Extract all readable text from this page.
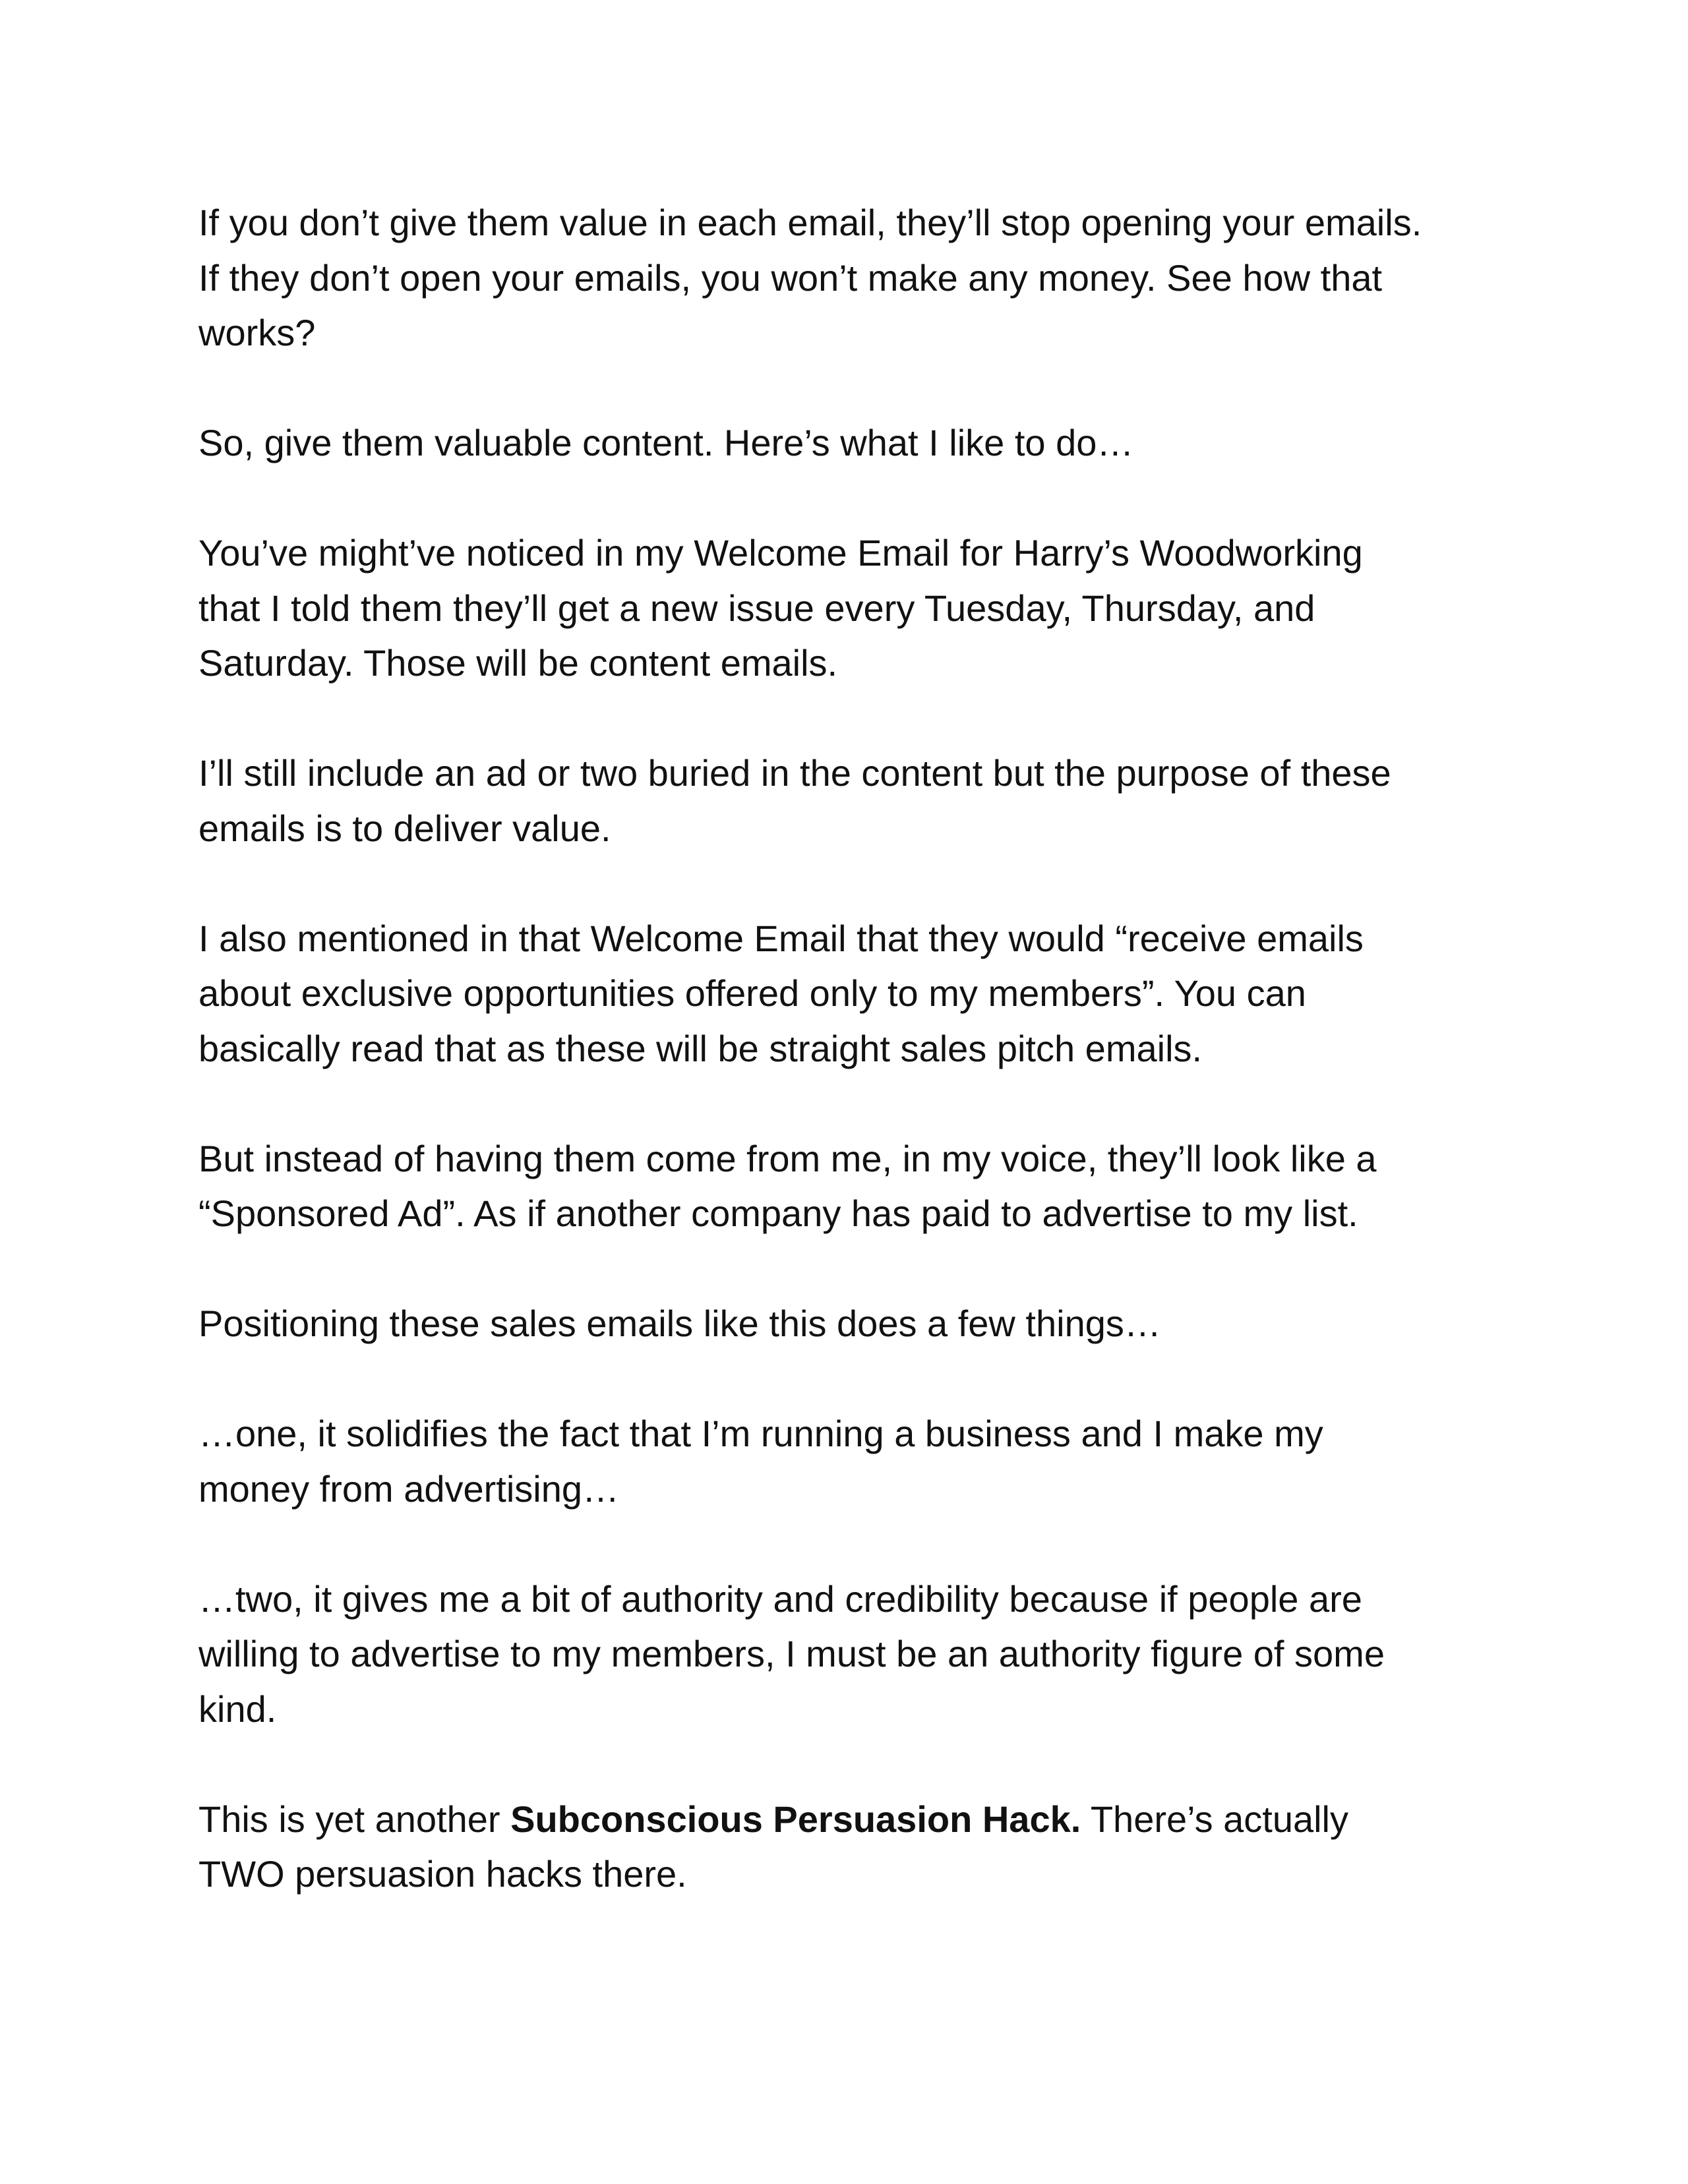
If you don’t give them value in each email, they’ll stop opening your emails.
If they don’t open your emails, you won’t make any money. See how that
works?

So, give them valuable content. Here’s what I like to do…

You’ve might’ve noticed in my Welcome Email for Harry’s Woodworking
that I told them they’ll get a new issue every Tuesday, Thursday, and
Saturday. Those will be content emails.

I’ll still include an ad or two buried in the content but the purpose of these
emails is to deliver value.

I also mentioned in that Welcome Email that they would “receive emails
about exclusive opportunities offered only to my members”. You can
basically read that as these will be straight sales pitch emails.

But instead of having them come from me, in my voice, they’ll look like a
“Sponsored Ad”. As if another company has paid to advertise to my list.

Positioning these sales emails like this does a few things…

…one, it solidifies the fact that I’m running a business and I make my
money from advertising…

…two, it gives me a bit of authority and credibility because if people are
willing to advertise to my members, I must be an authority figure of some
kind.

This is yet another Subconscious Persuasion Hack. There’s actually
TWO persuasion hacks there.
